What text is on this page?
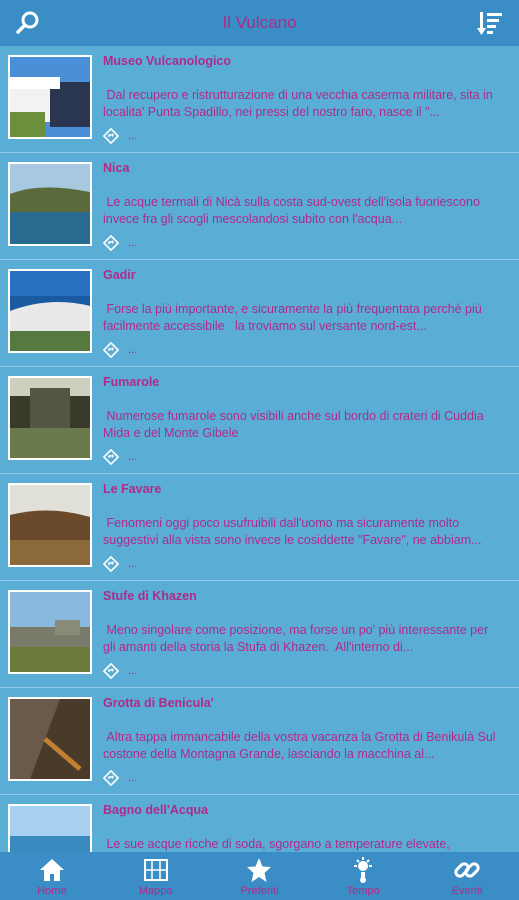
Il Vulcano
Museo Vulcanologico
Dal recupero e ristrutturazione di una vecchia caserma militare, sita in localita' Punta Spadillo, nei pressi del nostro faro, nasce il "...
...
Nica
Le acque termali di Nicà sulla costa sud-ovest dell'isola fuoriescono invece fra gli scogli mescolandosi subito con l'acqua...
...
Gadir
Forse la più importante, e sicuramente la più frequentata perché più facilmente accessibile   la troviamo sul versante nord-est...
...
Fumarole
Numerose fumarole sono visibili anche sul bordo di crateri di Cuddia Mida e del Monte Gibele
...
Le Favare
Fenomeni oggi poco usufruibili dall'uomo ma sicuramente molto suggestivi alla vista sono invece le cosiddette "Favare", ne abbiam...
...
Stufe di Khazen
Meno singolare come posizione, ma forse un po' più interessante per gli amanti della storia la Stufa di Khazen.  All'interno di...
...
Grotta di Benicula'
Altra tappa immancabile della vostra vacanza la Grotta di Benikulà Sul costone della Montagna Grande, lasciando la macchina al...
...
Bagno dell'Acqua
Le sue acque ricche di soda, sgorgano a temperature elevate,
Home	Mappa	Preferiti	Tempo	Eventi
